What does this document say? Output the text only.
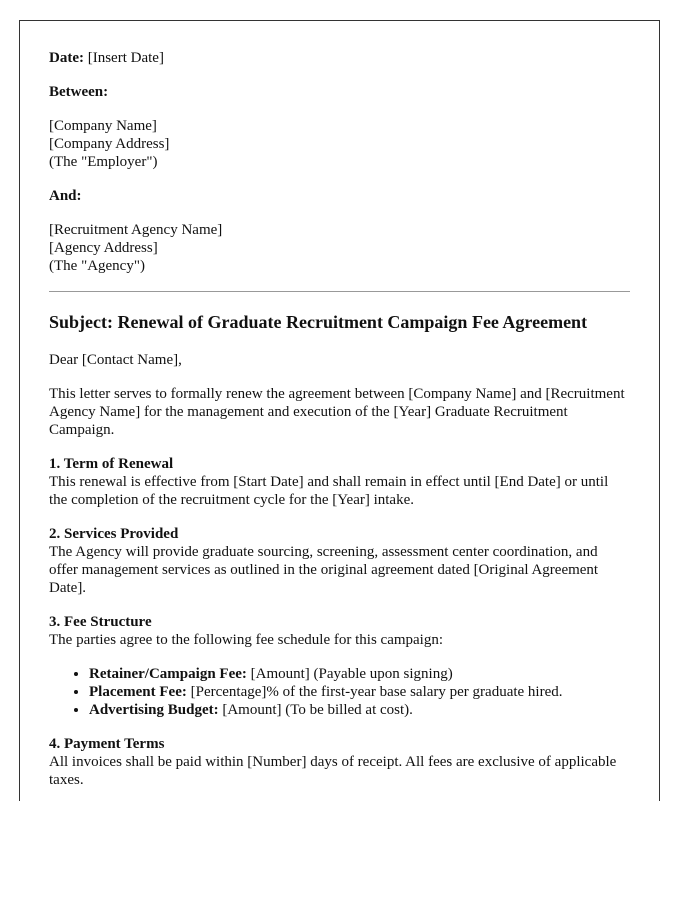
Date: [Insert Date]

Between:

[Company Name]
[Company Address]
(The "Employer")

And:

[Recruitment Agency Name]
[Agency Address]
(The "Agency")

Subject: Renewal of Graduate Recruitment Campaign Fee Agreement

Dear [Contact Name],

This letter serves to formally renew the agreement between [Company Name] and [Recruitment Agency Name] for the management and execution of the [Year] Graduate Recruitment Campaign.

1. Term of Renewal
This renewal is effective from [Start Date] and shall remain in effect until [End Date] or until the completion of the recruitment cycle for the [Year] intake.

2. Services Provided
The Agency will provide graduate sourcing, screening, assessment center coordination, and offer management services as outlined in the original agreement dated [Original Agreement Date].

3. Fee Structure
The parties agree to the following fee schedule for this campaign:

• Retainer/Campaign Fee: [Amount] (Payable upon signing)
• Placement Fee: [Percentage]% of the first-year base salary per graduate hired.
• Advertising Budget: [Amount] (To be billed at cost).

4. Payment Terms
All invoices shall be paid within [Number] days of receipt. All fees are exclusive of applicable taxes.
